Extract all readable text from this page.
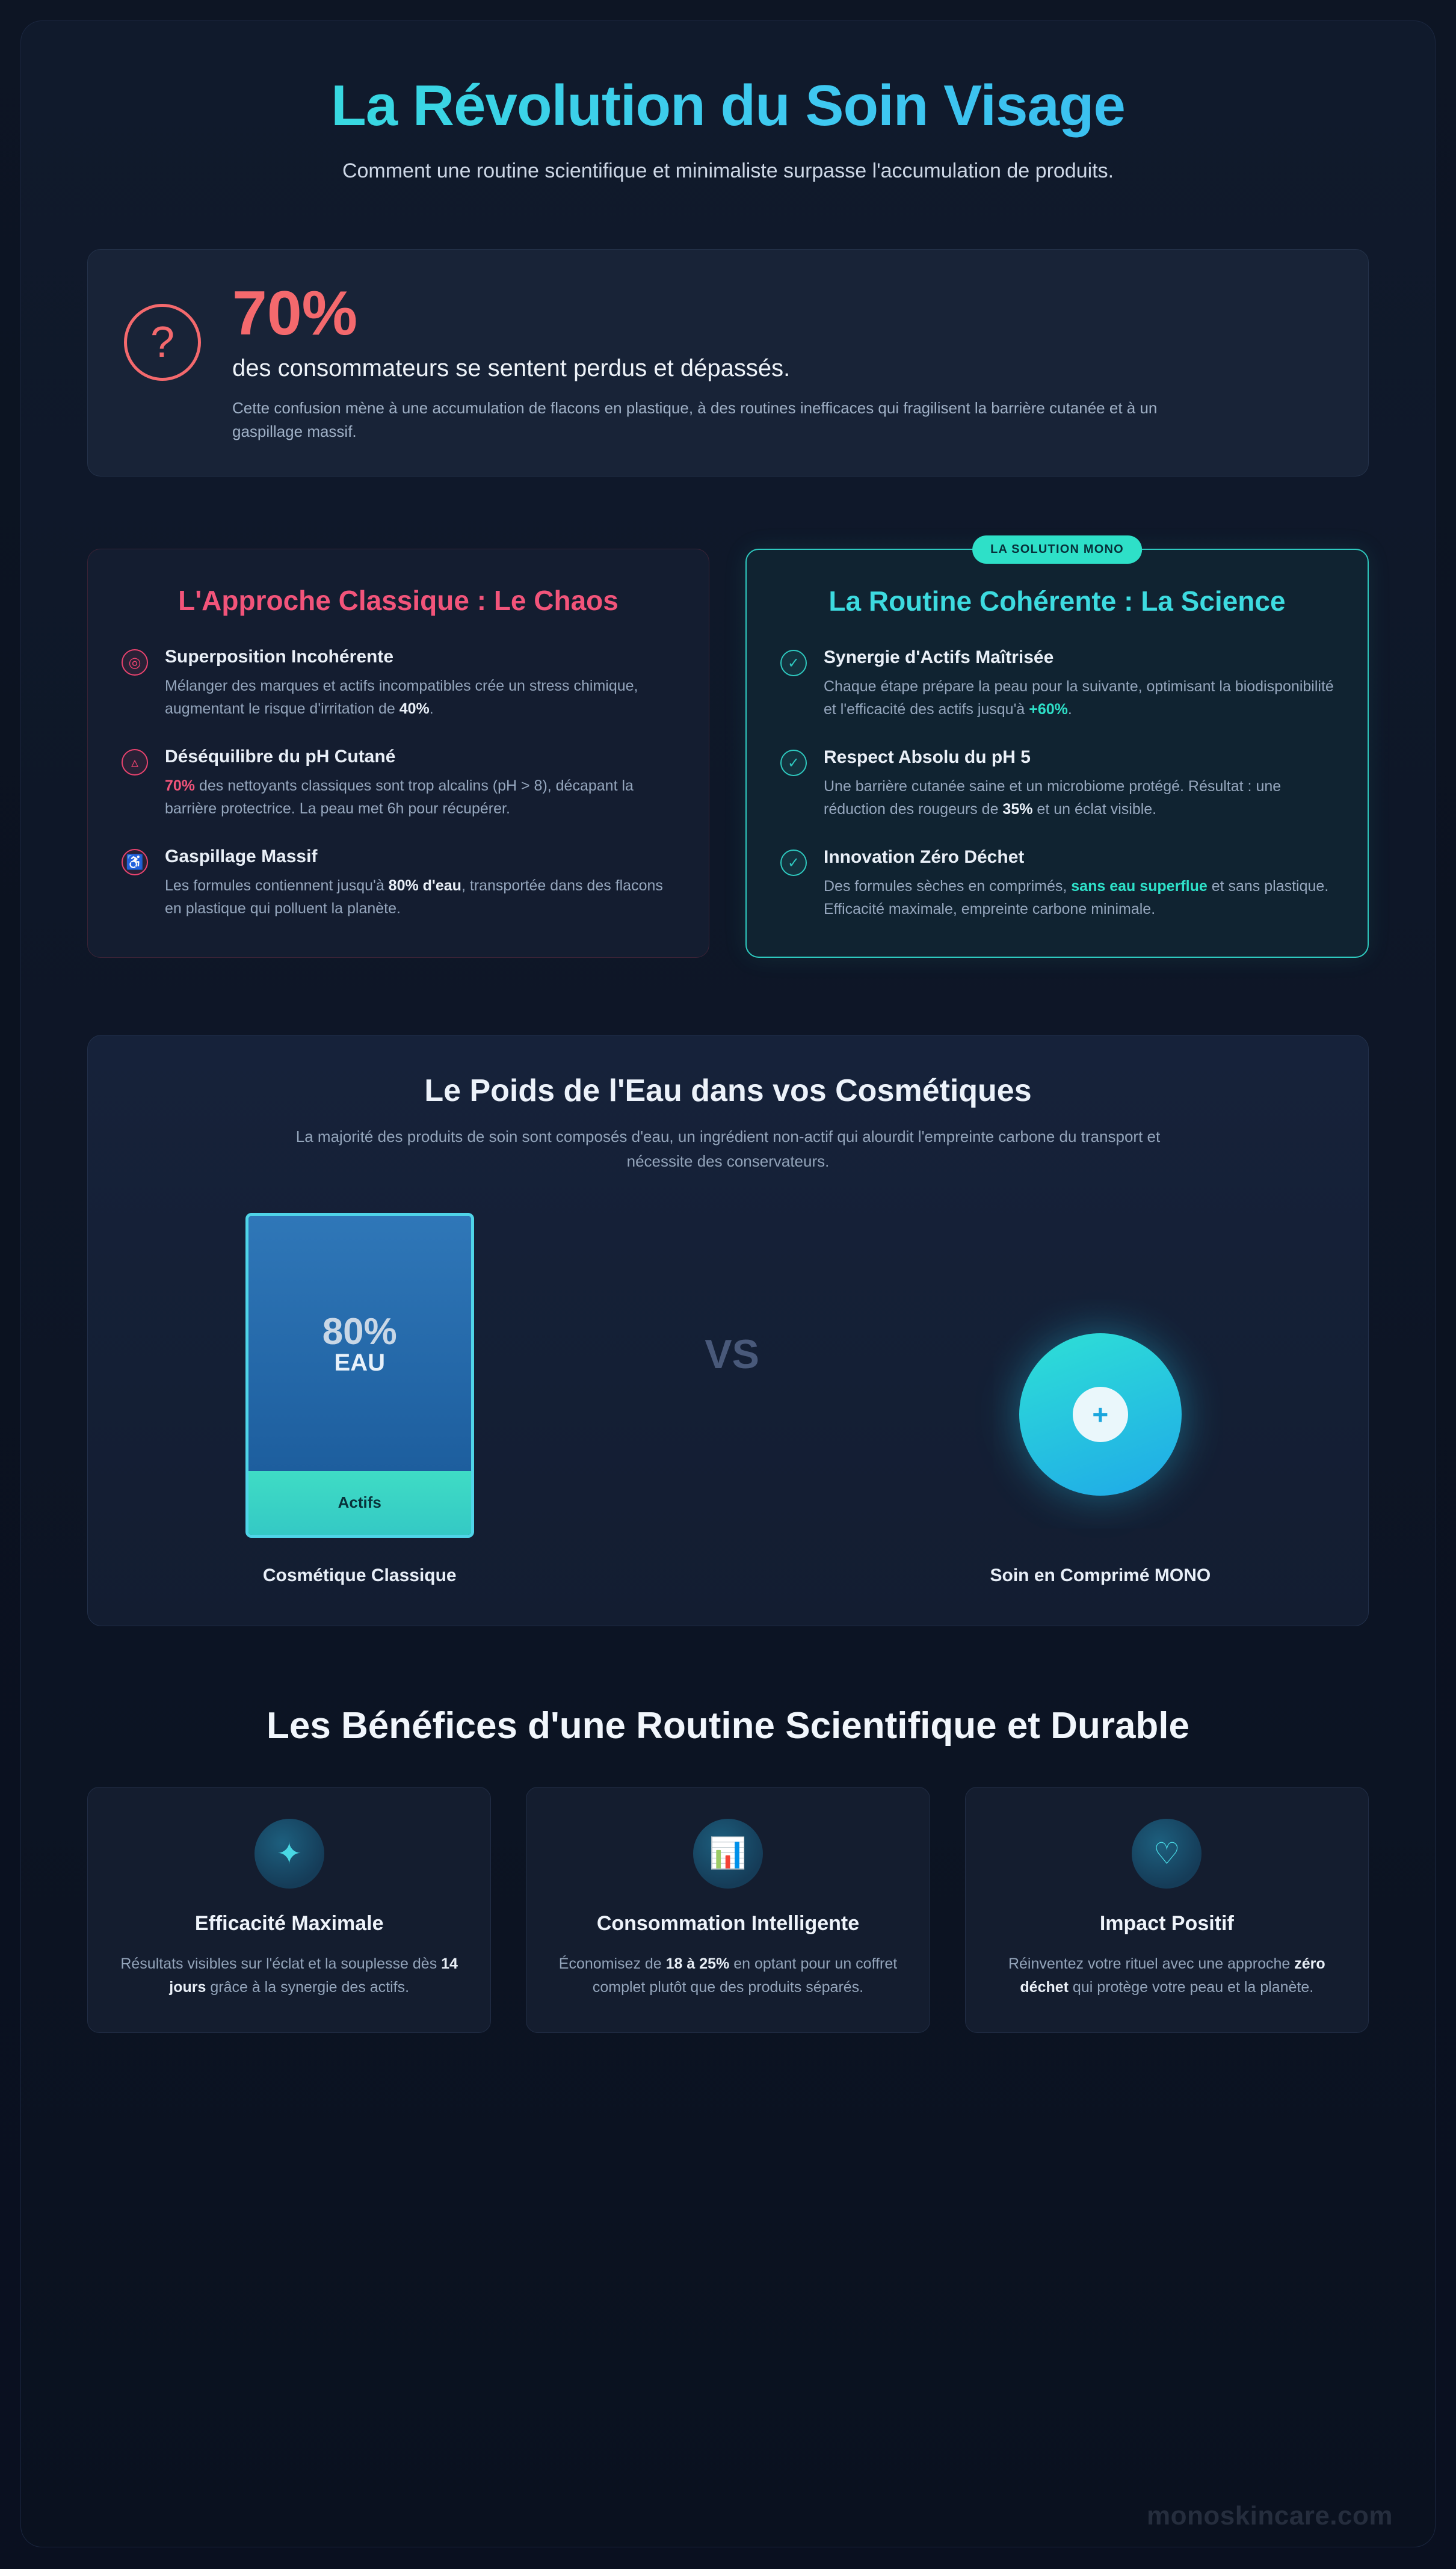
La Révolution du Soin Visage

Comment une routine scientifique et minimaliste surpasse l'accumulation de produits.

? 70%
des consommateurs se sentent perdus et dépassés.
Cette confusion mène à une accumulation de flacons en plastique, à des routines inefficaces qui fragilisent la barrière cutanée et à un gaspillage massif.
L'Approche Classique : Le Chaos
◎	Superposition Incohérente
Mélanger des marques et actifs incompatibles crée un stress chimique, augmentant le risque d'irritation de 40%.
▵	Déséquilibre du pH Cutané
70% des nettoyants classiques sont trop alcalins (pH > 8), décapant la barrière protectrice. La peau met 6h pour récupérer.
♿ Gaspillage Massif
Les formules contiennent jusqu'à 80% d'eau, transportée dans des flacons en plastique qui polluent la planète.
LA SOLUTION MONO
La Routine Cohérente : La Science
✓	Synergie d'Actifs Maîtrisée
Chaque étape prépare la peau pour la suivante, optimisant la biodisponibilité et l'efficacité des actifs jusqu'à +60%.
✓	Respect Absolu du pH 5
Une barrière cutanée saine et un microbiome protégé. Résultat : une réduction des rougeurs de 35% et un éclat visible.
✓	Innovation Zéro Déchet
Des formules sèches en comprimés, sans eau superflue et sans plastique. Efficacité maximale, empreinte carbone minimale.
Le Poids de l'Eau dans vos Cosmétiques

La majorité des produits de soin sont composés d'eau, un ingrédient non-actif qui alourdit l'empreinte carbone du transport et nécessite des conservateurs.

80%
EAU
Actifs
Cosmétique Classique
VS
+
Soin en Comprimé MONO
Les Bénéfices d'une Routine Scientifique et Durable
✦
Efficacité Maximale

Résultats visibles sur l'éclat et la souplesse dès 14 jours grâce à la synergie des actifs.

📊
Consommation Intelligente

Économisez de 18 à 25% en optant pour un coffret complet plutôt que des produits séparés.

♡
Impact Positif

Réinventez votre rituel avec une approche zéro déchet qui protège votre peau et la planète.

monoskincare.com
